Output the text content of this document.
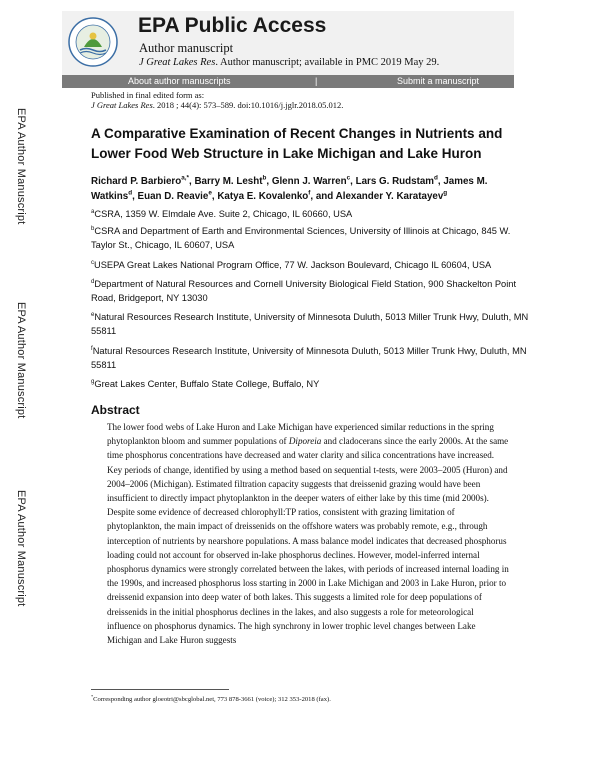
EPA Public Access
Author manuscript
J Great Lakes Res. Author manuscript; available in PMC 2019 May 29.
About author manuscripts	|	Submit a manuscript
Published in final edited form as:
J Great Lakes Res. 2018 ; 44(4): 573–589. doi:10.1016/j.jglr.2018.05.012.
EPA Author Manuscript
EPA Author Manuscript
EPA Author Manuscript
A Comparative Examination of Recent Changes in Nutrients and Lower Food Web Structure in Lake Michigan and Lake Huron
Richard P. Barbiero$^{a,*}$, Barry M. Lesht$^b$, Glenn J. Warren$^c$, Lars G. Rudstam$^d$, James M. Watkins$^d$, Euan D. Reavie$^e$, Katya E. Kovalenko$^f$, and Alexander Y. Karatayev$^g$
$^a$CSRA, 1359 W. Elmdale Ave. Suite 2, Chicago, IL 60660, USA
$^b$CSRA and Department of Earth and Environmental Sciences, University of Illinois at Chicago, 845 W. Taylor St., Chicago, IL 60607, USA
$^c$USEPA Great Lakes National Program Office, 77 W. Jackson Boulevard, Chicago IL 60604, USA
$^d$Department of Natural Resources and Cornell University Biological Field Station, 900 Shackelton Point Road, Bridgeport, NY 13030
$^e$Natural Resources Research Institute, University of Minnesota Duluth, 5013 Miller Trunk Hwy, Duluth, MN 55811
$^f$Natural Resources Research Institute, University of Minnesota Duluth, 5013 Miller Trunk Hwy, Duluth, MN 55811
$^g$Great Lakes Center, Buffalo State College, Buffalo, NY
Abstract
The lower food webs of Lake Huron and Lake Michigan have experienced similar reductions in the spring phytoplankton bloom and summer populations of Diporeia and cladocerans since the early 2000s. At the same time phosphorus concentrations have decreased and water clarity and silica concentrations have increased. Key periods of change, identified by using a method based on sequential t-tests, were 2003–2005 (Huron) and 2004–2006 (Michigan). Estimated filtration capacity suggests that dreissenid grazing would have been insufficient to directly impact phytoplankton in the deeper waters of either lake by this time (mid 2000s). Despite some evidence of decreased chlorophyll:TP ratios, consistent with grazing limitation of phytoplankton, the main impact of dreissenids on the offshore waters was probably remote, e.g., through interception of nutrients by nearshore populations. A mass balance model indicates that decreased phosphorus loading could not account for observed in-lake phosphorus declines. However, model-inferred internal phosphorus dynamics were strongly correlated between the lakes, with periods of increased internal loading in the 1990s, and increased phosphorus loss starting in 2000 in Lake Michigan and 2003 in Lake Huron, prior to dreissenid expansion into deep water of both lakes. This suggests a limited role for deep populations of dreissenids in the initial phosphorus declines in the lakes, and also suggests a role for meteorological influence on phosphorus dynamics. The high synchrony in lower trophic level changes between Lake Michigan and Lake Huron suggests
*Corresponding author gloeotri@sbcglobal.net, 773 878-3661 (voice); 312 353-2018 (fax).
